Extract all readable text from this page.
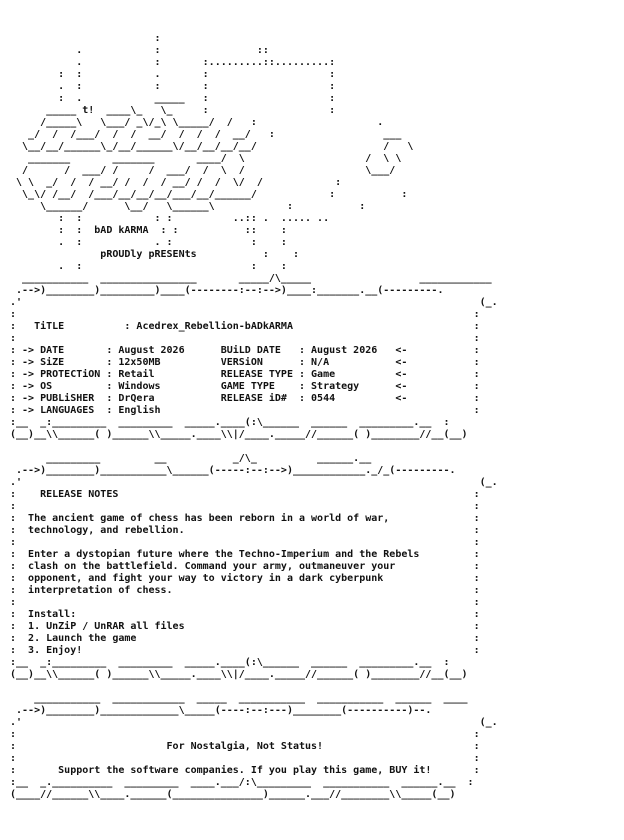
:
.            :                ::
.            :       :.........::.........:
:  :            .       :                    :
.  :            :       :                    :
:  .            _____   :                    :
_____ t!  ____\_   \_     :                    :
/_____\   \___/ _\/_\ \_____/  /   :                    .
_/  /  /___/  /  /  __/  /  /  /  __/   :                  ___
\__/__/______\_/__/______\/__/__/__/__/                     /   \
_______       _______       ____/  \                    /  \ \
/      /  ___/ /     /  ___/  /  \  /                    \___/
\ \  _/  /  / __/ /  /  / __/ /  /  \/  /            :
\_\/ /__/  /___/__/__/__/___/__/______/            :           :
\______/      \__/   \______\            :           :
:  :            : :          ..:: .  ..... ..
:  :  bAD kARMA  : :           ::    :
.  :            . :             :    :
pROUDly pRESENts           :    :
.  :                            :    :
___________  ________________       _____/\_____                  ____________
.-->)________)_________)____(--------:--:-->)____:_______.__(---------.
.'                                                                            (_.
:                                                                            :
:   TiTLE          : Acedrex_Rebellion-bADkARMA                              :
:                                                                            :
: -> DATE       : August 2026      BUiLD DATE   : August 2026   <-           :
: -> SiZE       : 12x50MB          VERSiON      : N/A           <-           :
: -> PROTECTiON : Retail           RELEASE TYPE : Game          <-           :
: -> OS         : Windows          GAME TYPE    : Strategy      <-           :
: -> PUBLiSHER  : DrQera           RELEASE iD#  : 0544          <-           :
: -> LANGUAGES  : English                                                    :
:__  _:_________  _________  _____.____(:\______  ______  _________.__  :
(__)__\\______( )______\\_____.____\\|/____._____//______( )________//__(__)

_________         __           _/\_          ______.__
.-->)________)___________\______(-----:--:-->)____________._/_(---------.
.'                                                                            (_.
:    RELEASE NOTES                                                           :
:                                                                            :
:  The ancient game of chess has been reborn in a world of war,              :
:  technology, and rebellion.                                                :
:                                                                            :
:  Enter a dystopian future where the Techno-Imperium and the Rebels         :
:  clash on the battlefield. Command your army, outmaneuver your             :
:  opponent, and fight your way to victory in a dark cyberpunk               :
:  interpretation of chess.                                                  :
:                                                                            :
:  Install:                                                                  :
:  1. UnZiP / UnRAR all files                                                :
:  2. Launch the game                                                        :
:  3. Enjoy!                                                                 :
:__  _:_________  _________  _____.____(:\______  ______  _________.__  :
(__)__\\______( )______\\_____.____\\|/____._____//______( )________//__(__)

___________  ____________  _____  ___________  ___________  ______  ____
.-->)________)_____________\_____(----:--:---)________(----------)--.
.'                                                                            (_.
:                                                                            :
:                         For Nostalgia, Not Status!                         :
:                                                                            :
:       Support the software companies. If you play this game, BUY it!       :
:__  _.__________  _________  ____.___/:\_________  ___________  ______.__  :
(____//______\\____.______(_______________)______.___//________\\_____(__)
